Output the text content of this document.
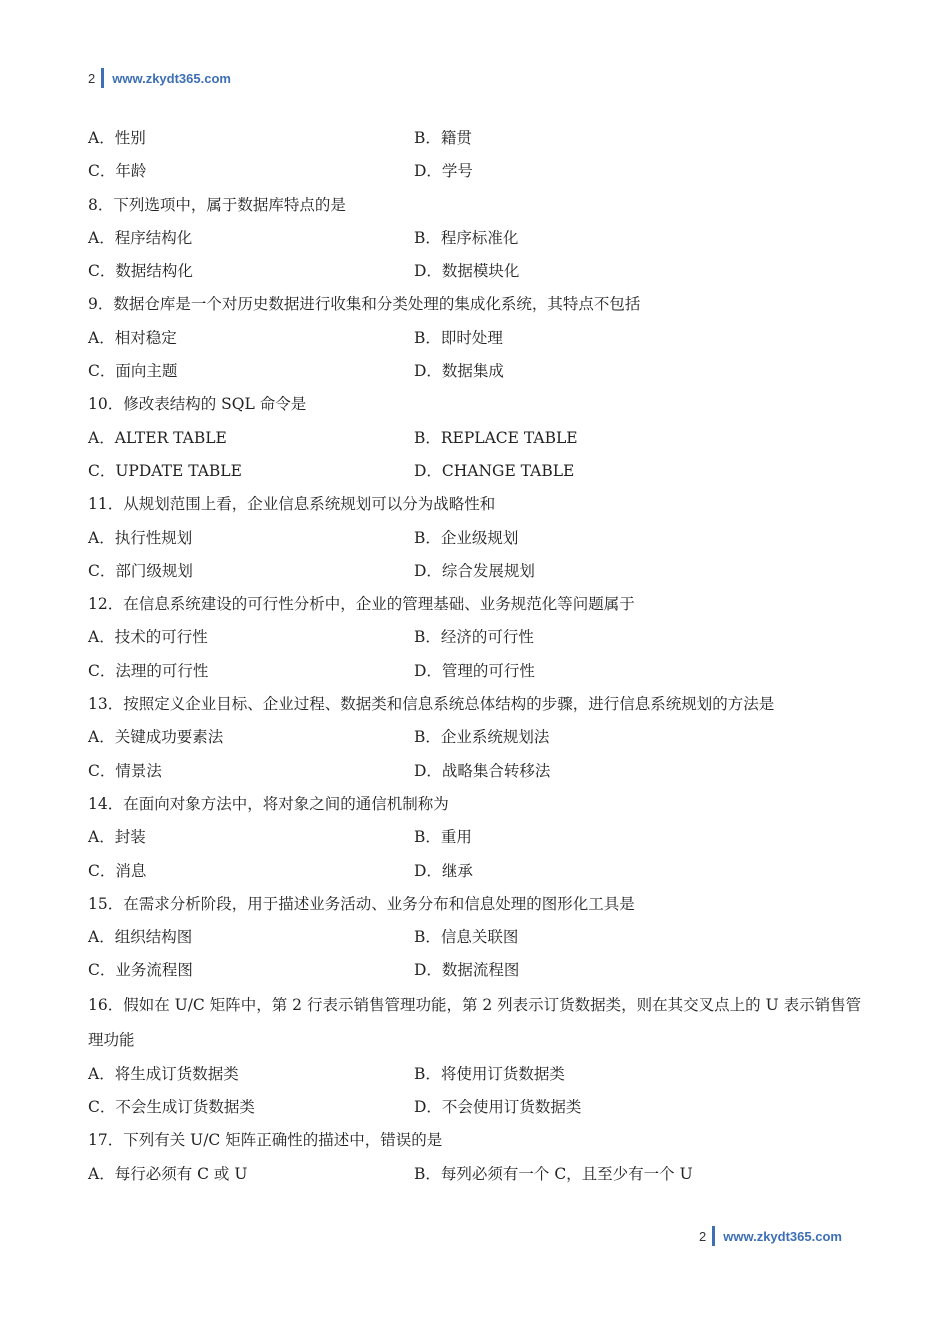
2 www.zkydt365.com
A．性别	B．籍贯
C．年龄	D．学号
8．下列选项中，属于数据库特点的是
A．程序结构化	B．程序标准化
C．数据结构化	D．数据模块化
9．数据仓库是一个对历史数据进行收集和分类处理的集成化系统，其特点不包括
A．相对稳定	B．即时处理
C．面向主题	D．数据集成
10．修改表结构的 SQL 命令是
A．ALTER TABLE	B．REPLACE TABLE
C．UPDATE TABLE	D．CHANGE TABLE
11．从规划范围上看，企业信息系统规划可以分为战略性和
A．执行性规划	B．企业级规划
C．部门级规划	D．综合发展规划
12．在信息系统建设的可行性分析中，企业的管理基础、业务规范化等问题属于
A．技术的可行性	B．经济的可行性
C．法理的可行性	D．管理的可行性
13．按照定义企业目标、企业过程、数据类和信息系统总体结构的步骤，进行信息系统规划的方法是
A．关键成功要素法	B．企业系统规划法
C．情景法	D．战略集合转移法
14．在面向对象方法中，将对象之间的通信机制称为
A．封装	B．重用
C．消息	D．继承
15．在需求分析阶段，用于描述业务活动、业务分布和信息处理的图形化工具是
A．组织结构图	B．信息关联图
C．业务流程图	D．数据流程图
16．假如在 U/C 矩阵中，第 2 行表示销售管理功能，第 2 列表示订货数据类，则在其交叉点上的 U 表示销售管理功能
A．将生成订货数据类	B．将使用订货数据类
C．不会生成订货数据类	D．不会使用订货数据类
17．下列有关 U/C 矩阵正确性的描述中，错误 · ·的是
A．每行必须有 C 或 U	B．每列必须有一个 C，且至少有一个 U
2 www.zkydt365.com
